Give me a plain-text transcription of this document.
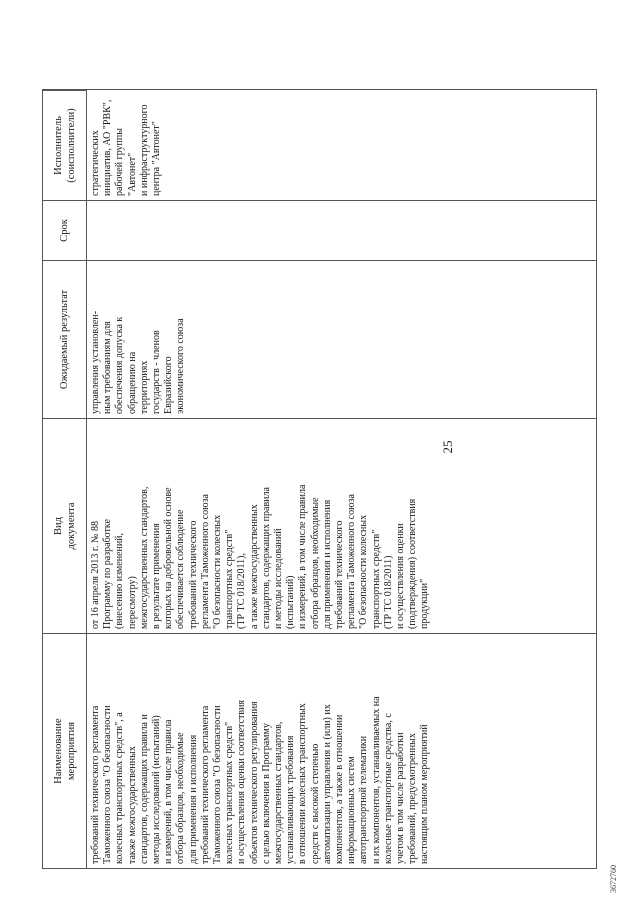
25
Наименование мероприятия
Вид документа
Ожидаемый результат
Срок
Исполнитель (соисполнители)
требований технического регламента Таможенного союза "О безопасности колесных транспортных средств", а также межгосударственных стандартов, содержащих правила и методы исследований (испытаний) и измерений, в том числе правила отбора образцов, необходимые для применения и исполнения требований технического регламента Таможенного союза "О безопасности колесных транспортных средств" и осуществления оценки соответствия объектов технического регулирования с целью включения в Программу межгосударственных стандартов, устанавливающих требования в отношении колесных транспортных средств с высокой степенью автоматизации управления и (или) их компонентов, а также в отношении информационных систем автотранспортной телематики и их компонентов, устанавливаемых на колесные транспортные средства, с учетом в том числе разработки требований, предусмотренных настоящим планом мероприятий
от 16 апреля 2013 г. № 88 Программу по разработке (внесению изменений, пересмотру) межгосударственных стандартов, в результате применения которых на добровольной основе обеспечивается соблюдение требований технического регламента Таможенного союза "О безопасности колесных транспортных средств" (ТР ТС 018/2011), а также межгосударственных стандартов, содержащих правила и методы исследований (испытаний) и измерений, в том числе правила отбора образцов, необходимые для применения и исполнения требований технического регламента Таможенного союза "О безопасности колесных транспортных средств" (ТР ТС 018/2011) и осуществления оценки (подтверждения) соответствия продукции"
управления установлен- ным требованиям для обеспечения допуска к обращению на территориях государств - членов Евразийского экономического союза
стратегических инициатив, АО "РВК", рабочей группы "Автонет" и инфраструктурного центра "Автонет"
3672760
